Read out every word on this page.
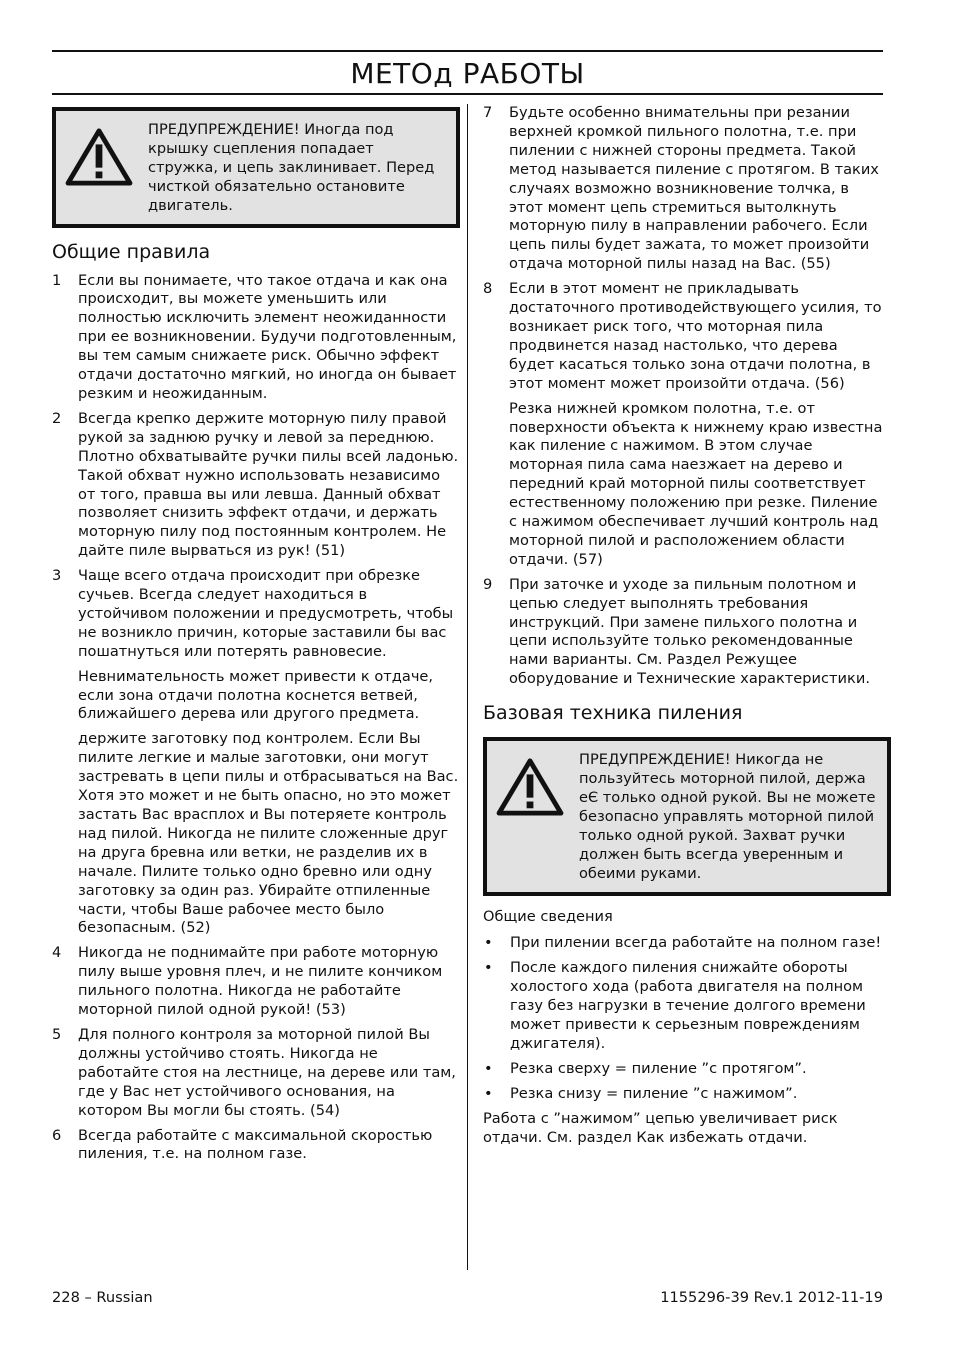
МЕТОд РАБОТЫ
ПРЕДУПРЕЖДЕНИЕ! Иногда под крышку сцепления попадает стружка, и цепь заклинивает. Перед чисткой обязательно остановите двигатель.
Общие правила
1	Если вы понимаете, что такое отдача и как она происходит, вы можете уменьшить или полностью исключить элемент неожиданности при ее возникновении. Будучи подготовленным, вы тем самым снижаете риск. Обычно эффект отдачи достаточно мягкий, но иногда он бывает резким и неожиданным.
2	Всегда крепко держите моторную пилу правой рукой за заднюю ручку и левой за переднюю. Плотно обхватывайте ручки пилы всей ладонью. Такой обхват нужно использовать независимо от того, правша вы или левша. Данный обхват позволяет снизить эффект отдачи, и держать моторную пилу под постоянным контролем. Не дайте пиле вырваться из рук! (51)
3	Чаще всего отдача происходит при обрезке сучьев. Всегда следует находиться в устойчивом положении и предусмотреть, чтобы не возникло причин, которые заставили бы вас пошатнуться или потерять равновесие.
Невнимательность может привести к отдаче, если зона отдачи полотна коснется ветвей, ближайшего дерева или другого предмета.
держите заготовку под контролем. Если Вы пилите легкие и малые заготовки, они могут застревать в цепи пилы и отбрасываться на Вас. Хотя это может и не быть опасно, но это может застать Вас врасплох и Вы потеряете контроль над пилой. Никогда не пилите сложенные друг на друга бревна или ветки, не разделив их в начале. Пилите только одно бревно или одну заготовку за один раз. Убирайте отпиленные части, чтобы Ваше рабочее место было безопасным. (52)
4	Никогда не поднимайте при работе моторную пилу выше уровня плеч, и не пилите кончиком пильного полотна. Никогда не работайте моторной пилой одной рукой! (53)
5	Для полного контроля за моторной пилой Вы должны устойчиво стоять. Никогда не работайте стоя на лестнице, на дереве или там, где у Вас нет устойчивого основания, на котором Вы могли бы стоять. (54)
6	Всегда работайте с максимальной скоростью пиления, т.е. на полном газе.
7	Будьте особенно внимательны при резании верхней кромкой пильного полотна, т.е. при пилении с нижней стороны предмета. Такой метод называется пиление с протягом. В таких случаях возможно возникновение толчка, в этот момент цепь стремиться вытолкнуть моторную пилу в направлении рабочего. Если цепь пилы будет зажата, то может произойти отдача моторной пилы назад на Вас. (55)
8	Если в этот момент не прикладывать достаточного противодействующего усилия, то возникает риск того, что моторная пила продвинется назад настолько, что дерева будет касаться только зона отдачи полотна, в этот момент может произойти отдача. (56)
Резка нижней кромком полотна, т.е. от поверхности объекта к нижнему краю известна как пиление с нажимом. В этом случае моторная пила сама наезжает на дерево и передний край моторной пилы соответствует естественному положению при резке. Пиление с нажимом обеспечивает лучший контроль над моторной пилой и расположением области отдачи. (57)
9	При заточке и уходе за пильным полотном и цепью следует выполнять требования инструкций. При замене пильхого полотна и цепи используйте только рекомендованные нами варианты. См. Раздел Режущее оборудование и Технические характеристики.
Базовая техника пиления
ПРЕДУПРЕЖДЕНИЕ! Никогда не пользуйтесь моторной пилой, держа еЄ только одной рукой. Вы не можете безопасно управлять моторной пилой только одной рукой. Захват ручки должен быть всегда уверенным и обеими руками.
Общие сведения
•	При пилении всегда работайте на полном газе!
•	После каждого пиления снижайте обороты холостого хода (работа двигателя на полном газу без нагрузки в течение долгого времени может привести к серьезным повреждениям джигателя).
•	Резка сверху = пиление ”с протягом”.
•	Резка снизу = пиление ”с нажимом”.
Работа с ”нажимом” цепью увеличивает риск отдачи. См. раздел Как избежать отдачи.
228 – Russian	1155296-39 Rev.1 2012-11-19
